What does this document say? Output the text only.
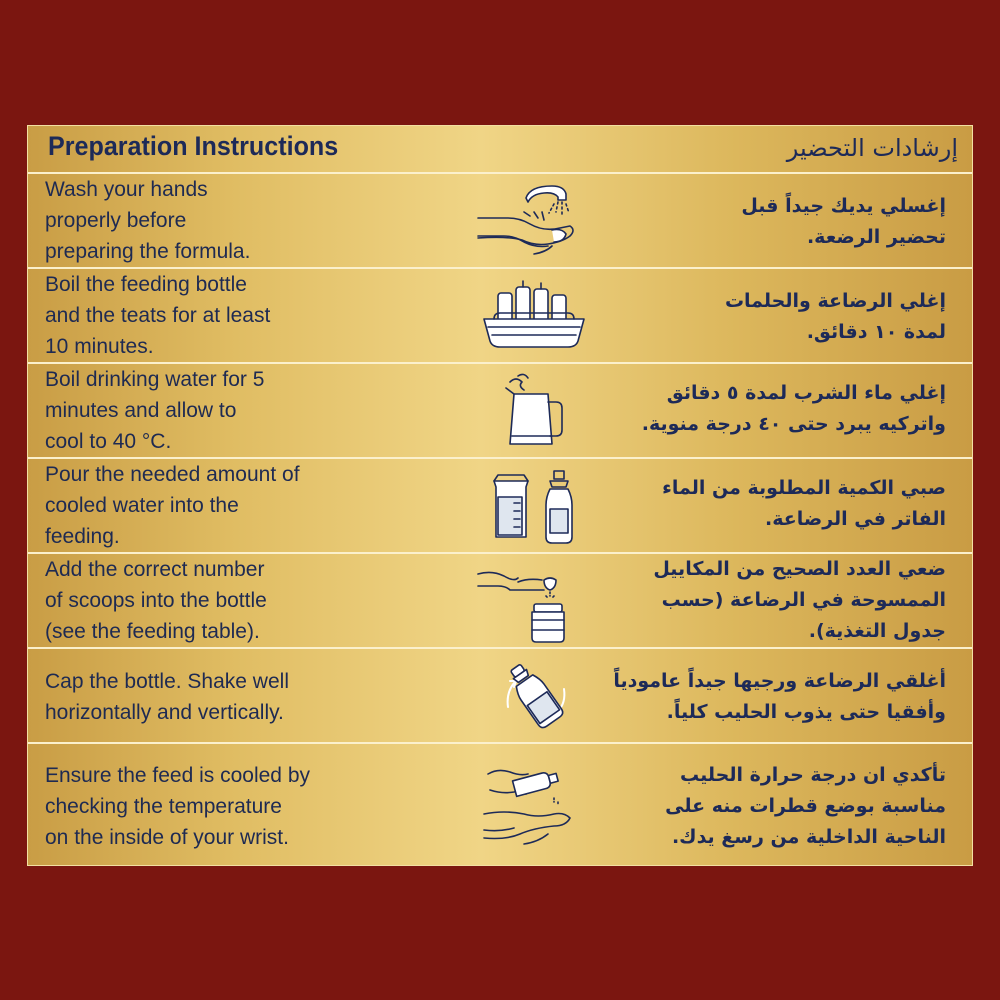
Preparation Instructions	إرشادات التحضير
Wash your hands
properly before
preparing the formula.
إغسلي يديك جيداً قبل
تحضير الرضعة.
Boil the feeding bottle
and the teats for at least
10 minutes.
إغلي الرضاعة والحلمات
لمدة ١٠ دقائق.
Boil drinking water for 5
minutes and allow to
cool to 40 °C.
إغلي ماء الشرب لمدة ٥ دقائق
واتركيه يبرد حتى ٤٠ درجة منوية.
Pour the needed amount of
cooled water into the
feeding.
صبي الكمية المطلوبة من الماء
الفاتر في الرضاعة.
Add the correct number
of scoops into the bottle
(see the feeding table).
ضعي العدد الصحيح من المكاييل
الممسوحة في الرضاعة (حسب
جدول التغذية).
Cap the bottle. Shake well
horizontally and vertically.
أغلقي الرضاعة ورجيها جيداً عامودياً
وأفقيا حتى يذوب الحليب كلياً.
Ensure the feed is cooled by
checking the temperature
on the inside of your wrist.
تأكدي ان درجة حرارة الحليب
مناسبة بوضع قطرات منه على
الناحية الداخلية من رسغ يدك.
